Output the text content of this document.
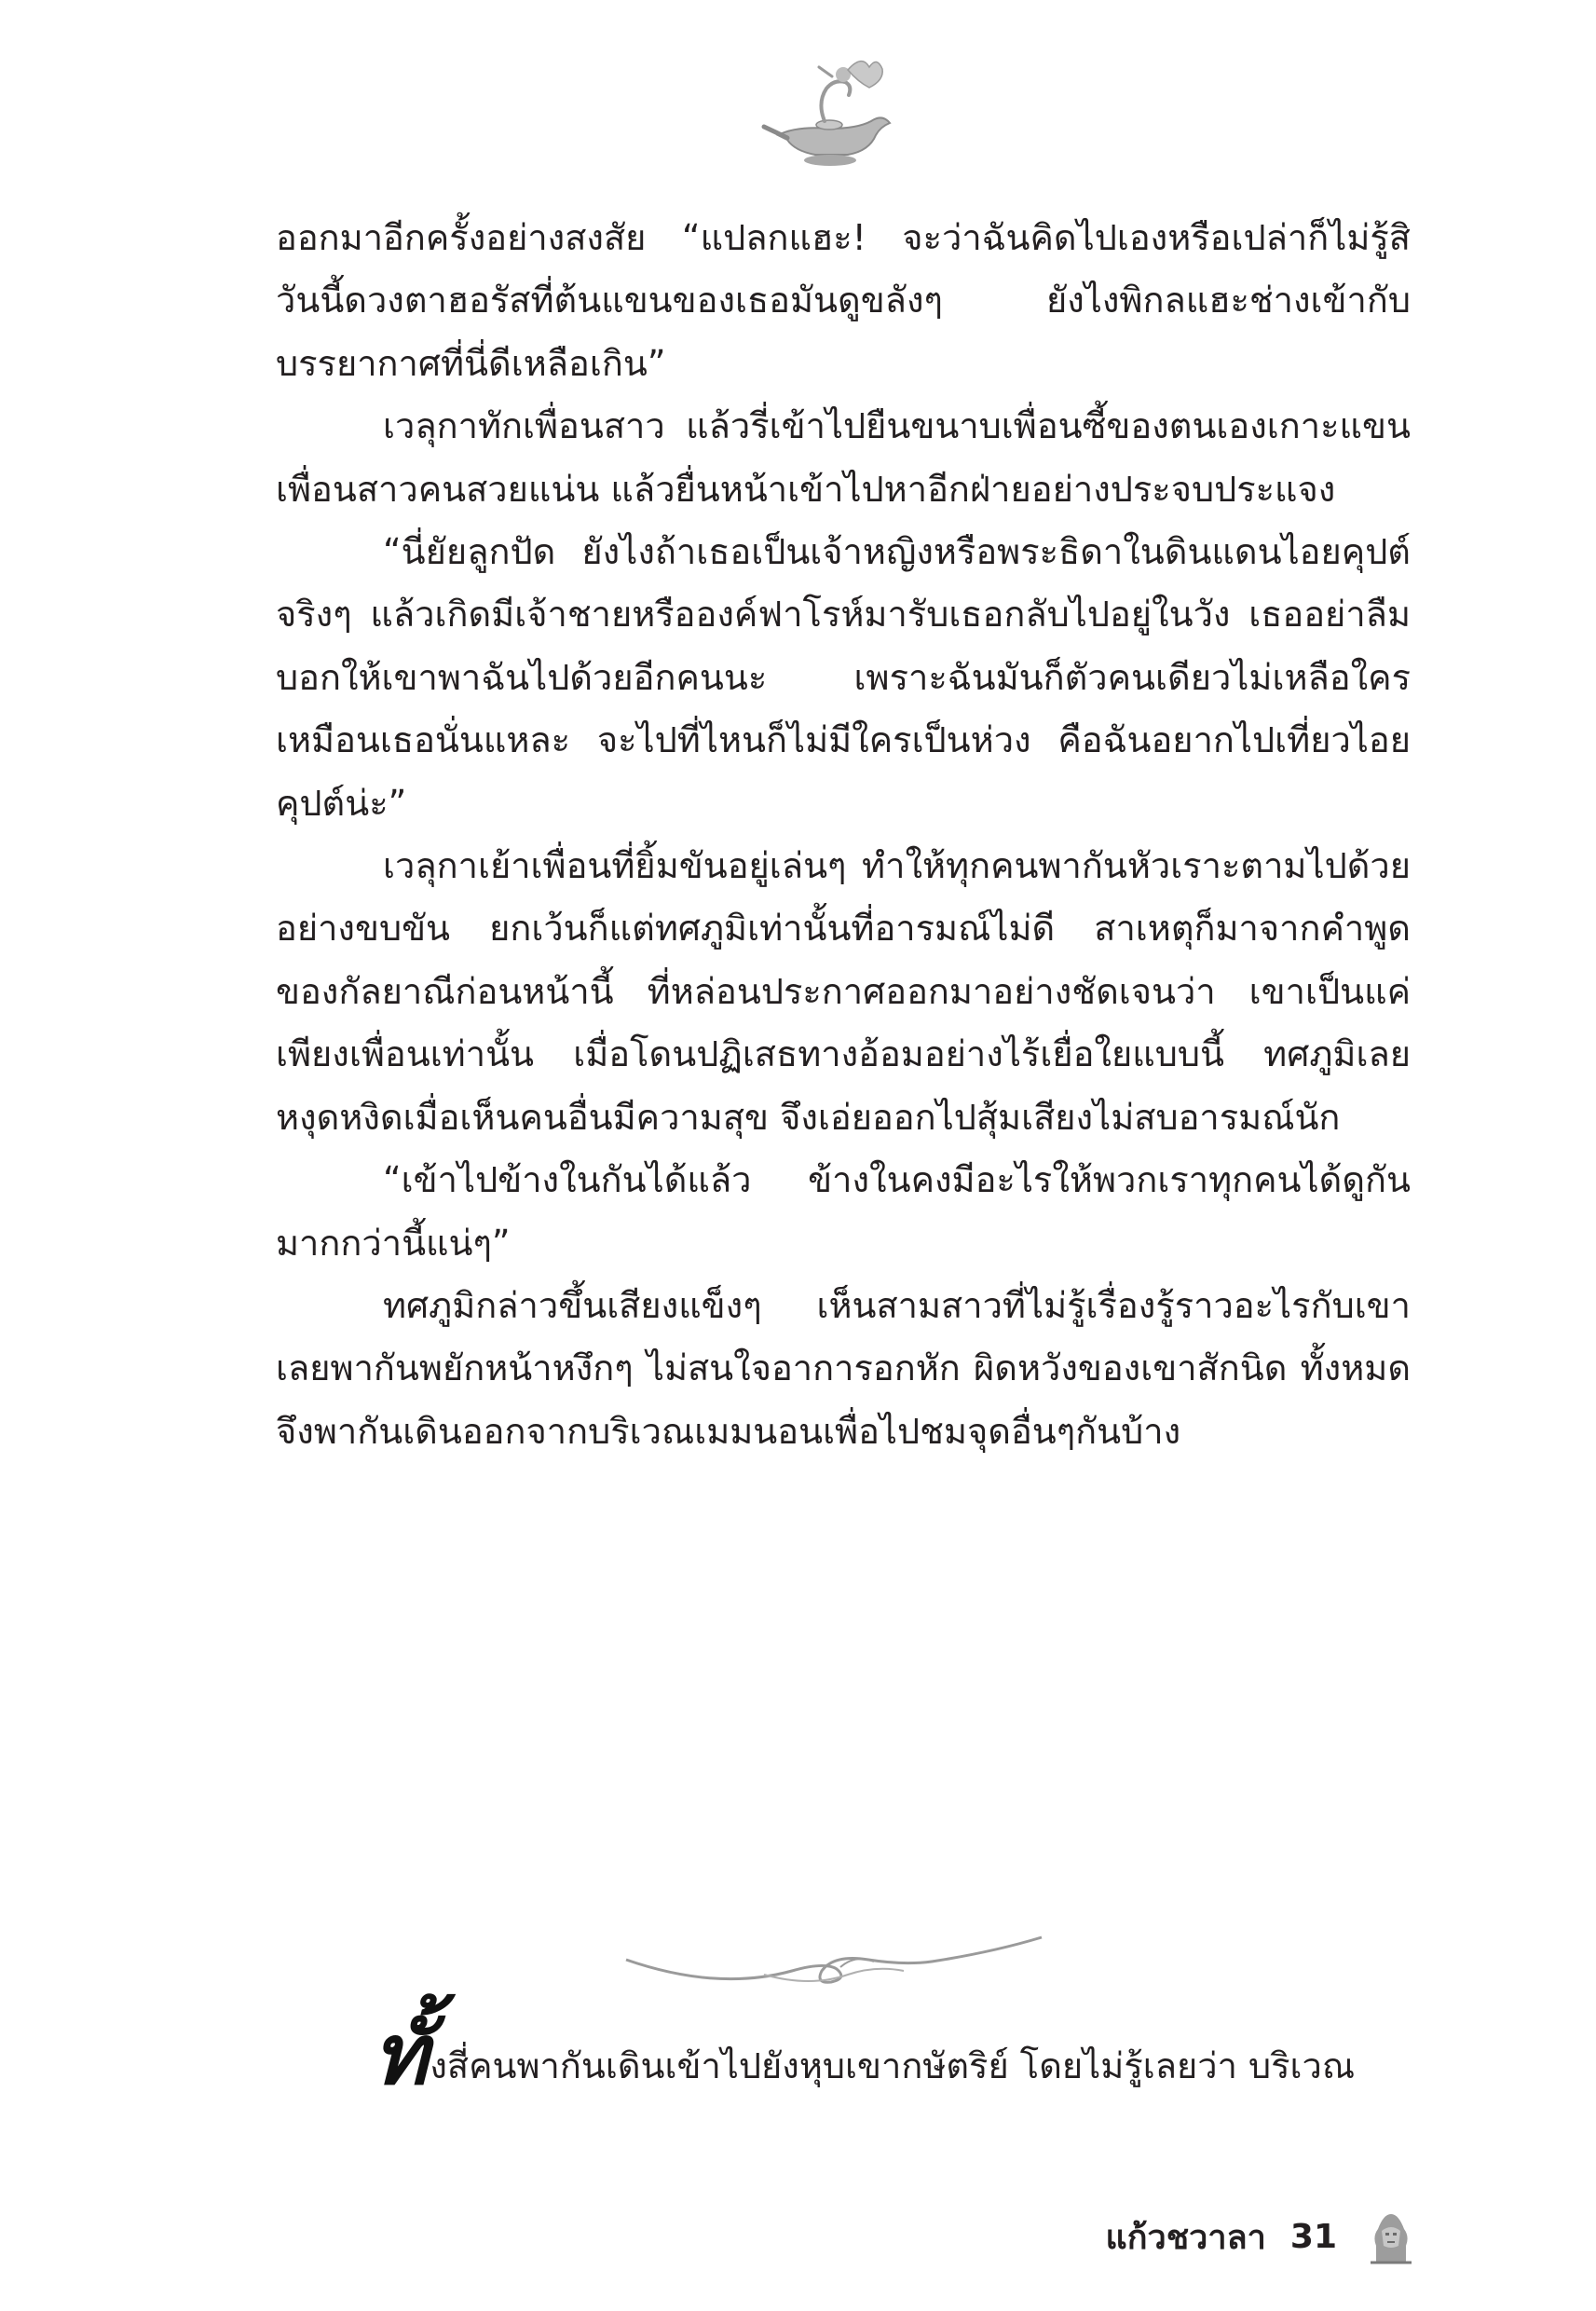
ออกมาอีกครั้งอย่างสงสัย “แปลกแฮะ! จะว่าฉันคิดไปเองหรือเปล่าก็ไม่รู้สิ วันนี้ดวงตาฮอรัสที่ต้นแขนของเธอมันดูขลังๆ ยังไงพิกลแฮะช่างเข้ากับบรรยากาศที่นี่ดีเหลือเกิน”

เวลุกาทักเพื่อนสาว แล้วรี่เข้าไปยืนขนาบเพื่อนซี้ของตนเองเกาะแขนเพื่อนสาวคนสวยแน่น แล้วยื่นหน้าเข้าไปหาอีกฝ่ายอย่างประจบประแจง

“นี่ยัยลูกปัด ยังไงถ้าเธอเป็นเจ้าหญิงหรือพระธิดาในดินแดนไอยคุปต์จริงๆ แล้วเกิดมีเจ้าชายหรือองค์ฟาโรห์มารับเธอกลับไปอยู่ในวัง เธออย่าลืมบอกให้เขาพาฉันไปด้วยอีกคนนะ เพราะฉันมันก็ตัวคนเดียวไม่เหลือใครเหมือนเธอนั่นแหละ จะไปที่ไหนก็ไม่มีใครเป็นห่วง คือฉันอยากไปเที่ยวไอยคุปต์น่ะ”

เวลุกาเย้าเพื่อนที่ยิ้มขันอยู่เล่นๆ ทำให้ทุกคนพากันหัวเราะตามไปด้วยอย่างขบขัน ยกเว้นก็แต่ทศภูมิเท่านั้นที่อารมณ์ไม่ดี สาเหตุก็มาจากคำพูดของกัลยาณีก่อนหน้านี้ ที่หล่อนประกาศออกมาอย่างชัดเจนว่า เขาเป็นแค่เพียงเพื่อนเท่านั้น เมื่อโดนปฏิเสธทางอ้อมอย่างไร้เยื่อใยแบบนี้ ทศภูมิเลยหงุดหงิดเมื่อเห็นคนอื่นมีความสุข จึงเอ่ยออกไปสุ้มเสียงไม่สบอารมณ์นัก

“เข้าไปข้างในกันได้แล้ว ข้างในคงมีอะไรให้พวกเราทุกคนได้ดูกันมากกว่านี้แน่ๆ”

ทศภูมิกล่าวขึ้นเสียงแข็งๆ เห็นสามสาวที่ไม่รู้เรื่องรู้ราวอะไรกับเขาเลยพากันพยักหน้าหงึกๆ ไม่สนใจอาการอกหัก ผิดหวังของเขาสักนิด ทั้งหมดจึงพากันเดินออกจากบริเวณเมมนอนเพื่อไปชมจุดอื่นๆกันบ้าง

ทั้งสี่คนพากันเดินเข้าไปยังหุบเขากษัตริย์ โดยไม่รู้เลยว่า บริเวณ

แก้วชวาลา 31
